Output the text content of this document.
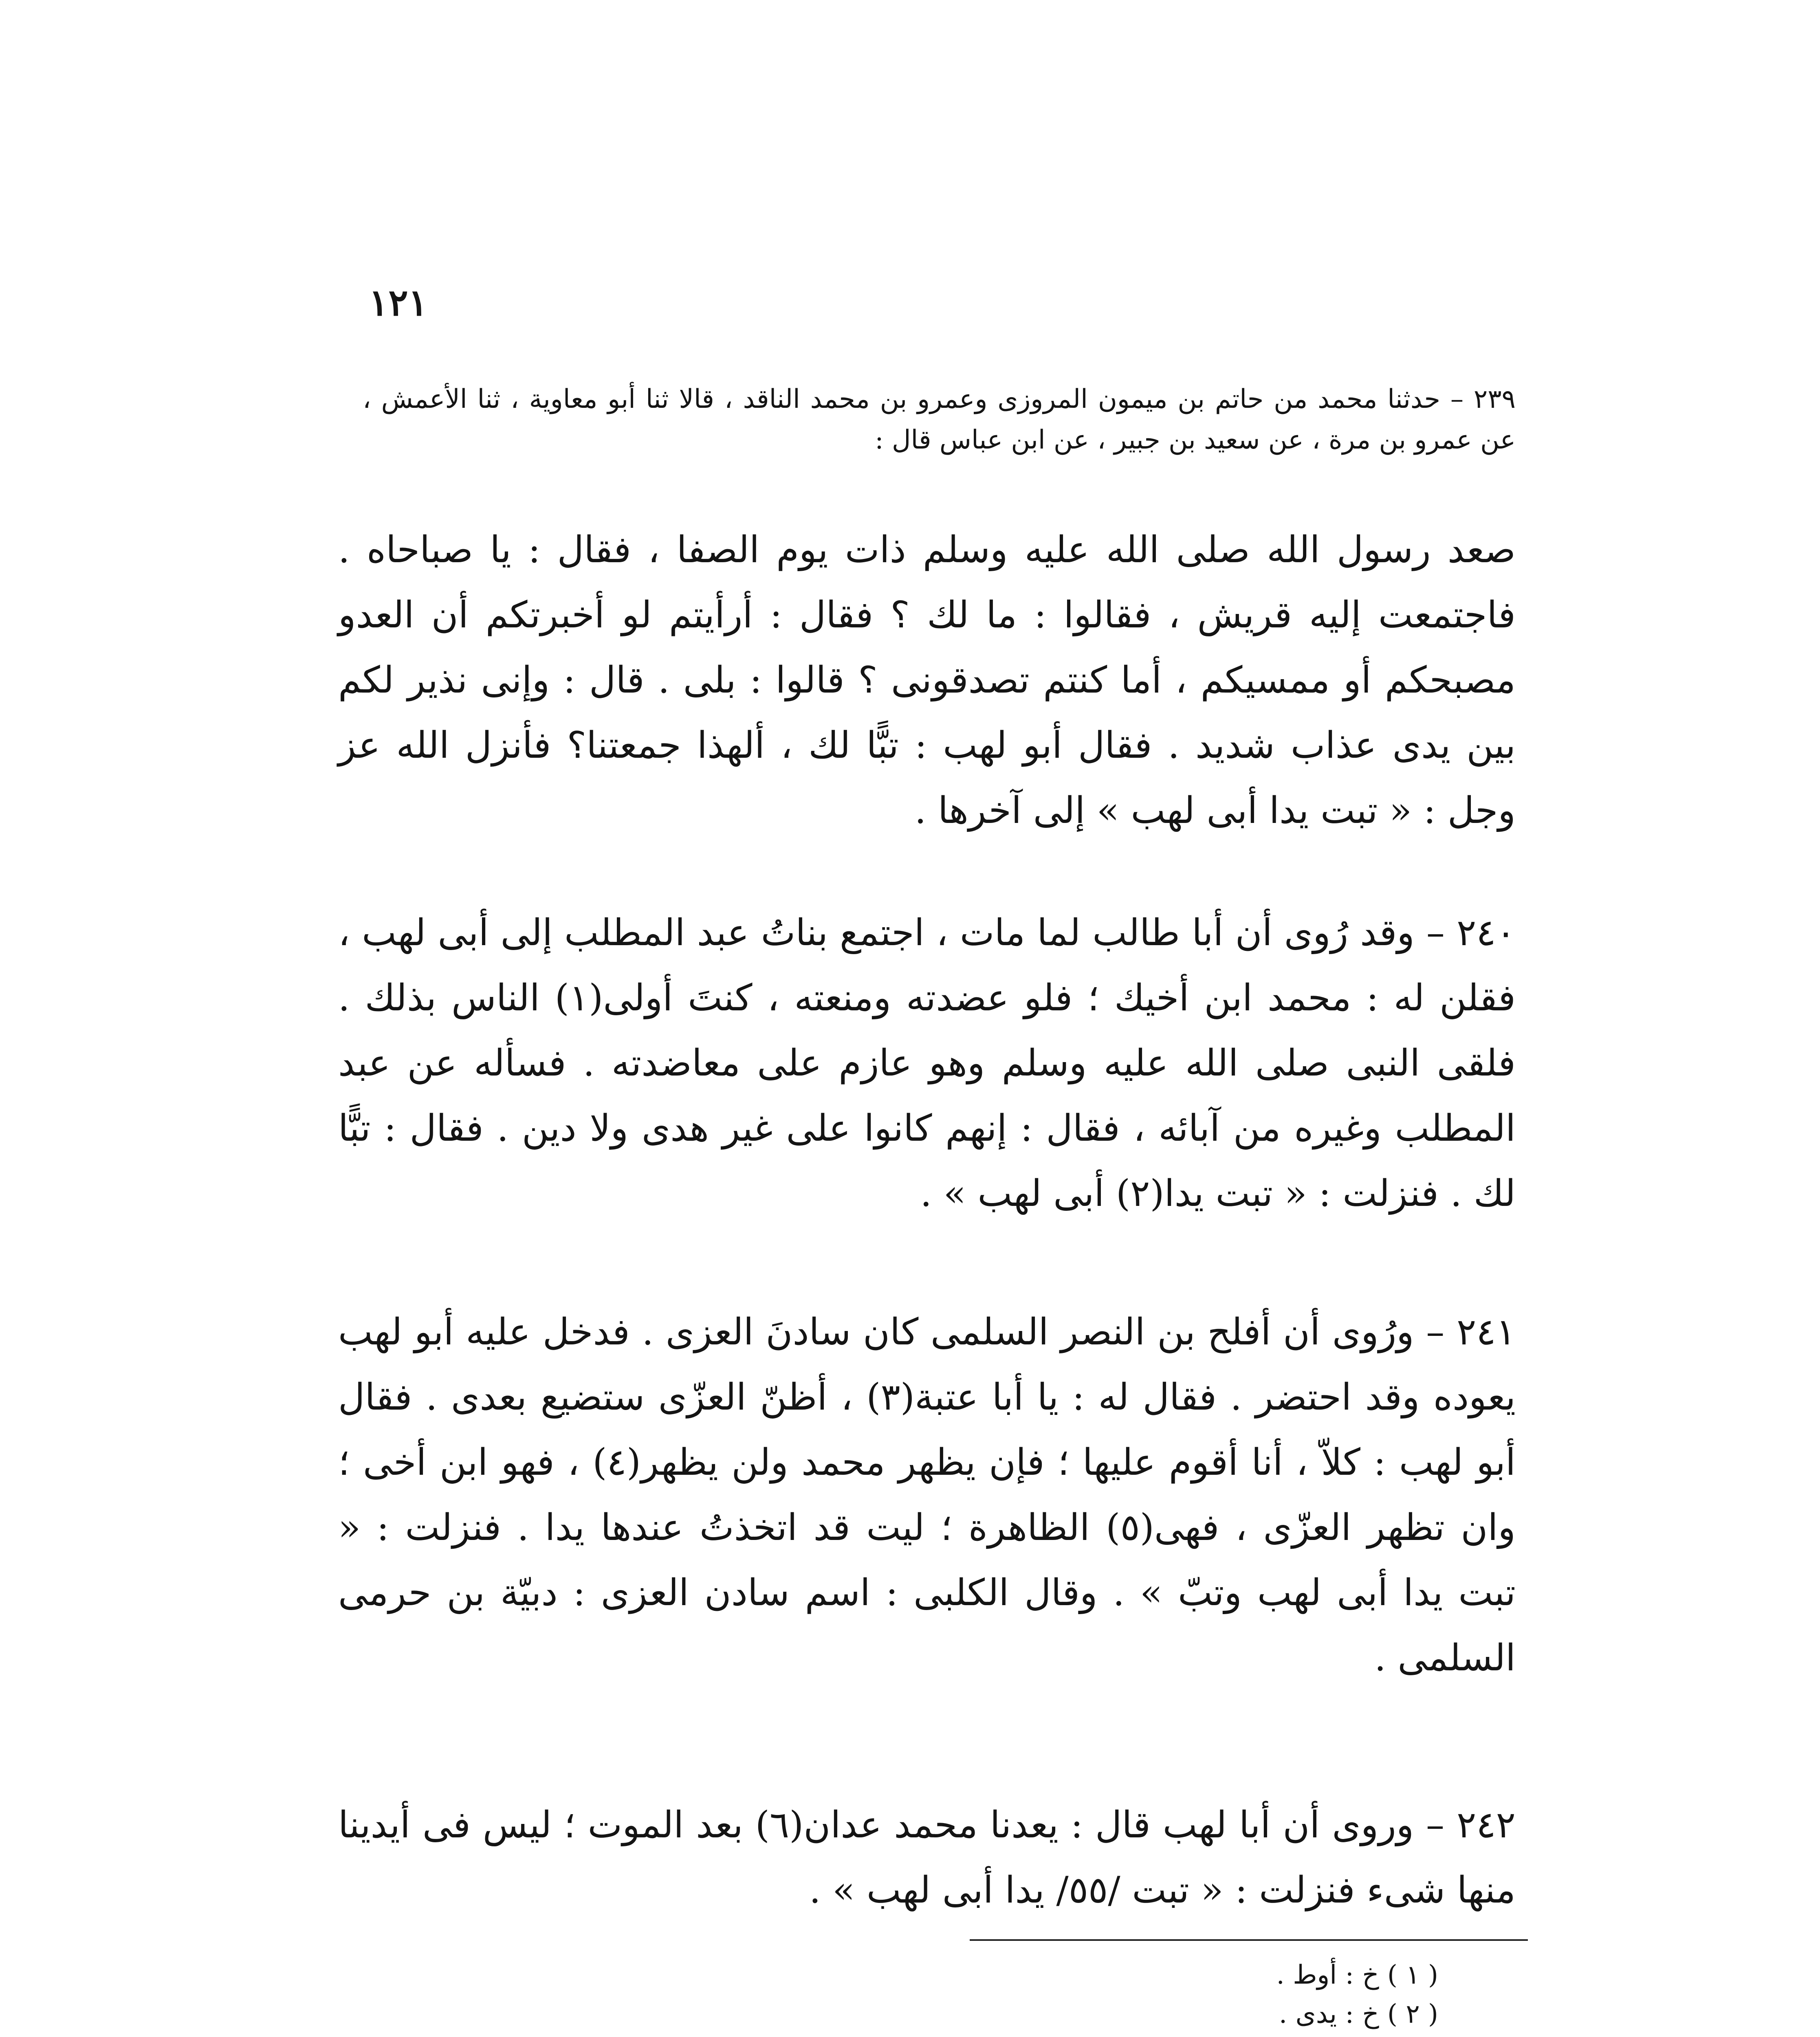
١٢١
٢٣٩ – حدثنا محمد من حاتم بن ميمون المروزى وعمرو بن محمد الناقد ، قالا ثنا أبو معاوية ، ثنا الأعمش ، عن عمرو بن مرة ، عن سعيد بن جبير ، عن ابن عباس قال :
صعد رسول الله صلى الله عليه وسلم ذات يوم الصفا ، فقال : يا صباحاه . فاجتمعت إليه قريش ، فقالوا : ما لك ؟ فقال : أرأيتم لو أخبرتكم أن العدو مصبحكم أو ممسيكم ، أما كنتم تصدقونى ؟ قالوا : بلى . قال : وإنى نذير لكم بين يدى عذاب شديد . فقال أبو لهب : تبًّا لك ، ألهذا جمعتنا؟ فأنزل الله عز وجل : « تبت يدا أبى لهب » إلى آخرها .
٢٤٠ – وقد رُوى أن أبا طالب لما مات ، اجتمع بناتُ عبد المطلب إلى أبى لهب ، فقلن له : محمد ابن أخيك ؛ فلو عضدته ومنعته ، كنتَ أولى(١) الناس بذلك . فلقى النبى صلى الله عليه وسلم وهو عازم على معاضدته . فسأله عن عبد المطلب وغيره من آبائه ، فقال : إنهم كانوا على غير هدى ولا دين . فقال : تبًّا لك . فنزلت : « تبت يدا(٢) أبى لهب » .
٢٤١ – ورُوى أن أفلح بن النصر السلمى كان سادنَ العزى . فدخل عليه أبو لهب يعوده وقد احتضر . فقال له : يا أبا عتبة(٣) ، أظنّ العزّى ستضيع بعدى . فقال أبو لهب : كلاّ ، أنا أقوم عليها ؛ فإن يظهر محمد ولن يظهر(٤) ، فهو ابن أخى ؛ وان تظهر العزّى ، فهى(٥) الظاهرة ؛ ليت قد اتخذتُ عندها يدا . فنزلت : « تبت يدا أبى لهب وتبّ » . وقال الكلبى : اسم سادن العزى : دبيّة بن حرمى السلمى .
٢٤٢ – وروى أن أبا لهب قال : يعدنا محمد عدان(٦) بعد الموت ؛ ليس فى أيدينا منها شىء فنزلت : « تبت /٥٥/ يدا أبى لهب » .
( ١ ) خ : أوط .
( ٢ ) خ : يدى .
